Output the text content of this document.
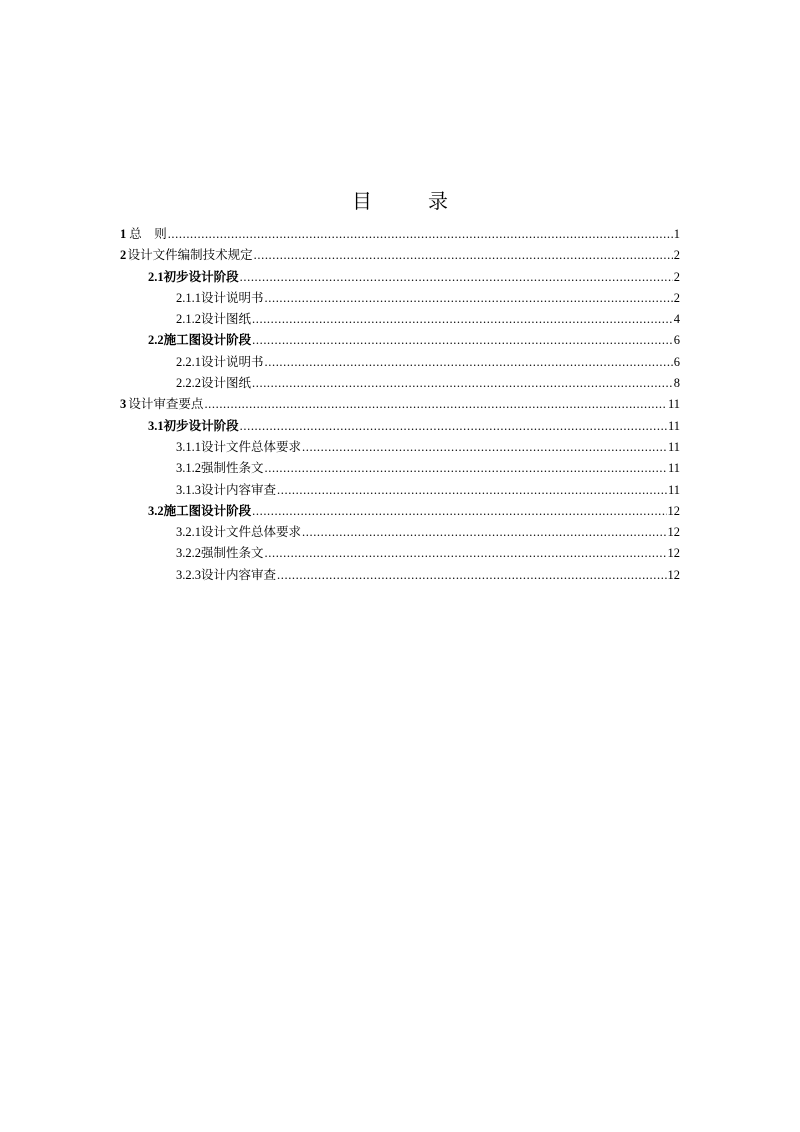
目　录
1 总　则 .....	1
2 设计文件编制技术规定 .....	2
2.1 初步设计阶段 .....	2
2.1.1 设计说明书 .....	2
2.1.2 设计图纸 .....	4
2.2 施工图设计阶段 .....	6
2.2.1 设计说明书 .....	6
2.2.2 设计图纸 .....	8
3 设计审查要点 .....	11
3.1 初步设计阶段 .....	11
3.1.1 设计文件总体要求 .....	11
3.1.2 强制性条文 .....	11
3.1.3 设计内容审查 .....	11
3.2 施工图设计阶段 .....	12
3.2.1 设计文件总体要求 .....	12
3.2.2 强制性条文 .....	12
3.2.3 设计内容审查 .....	12
